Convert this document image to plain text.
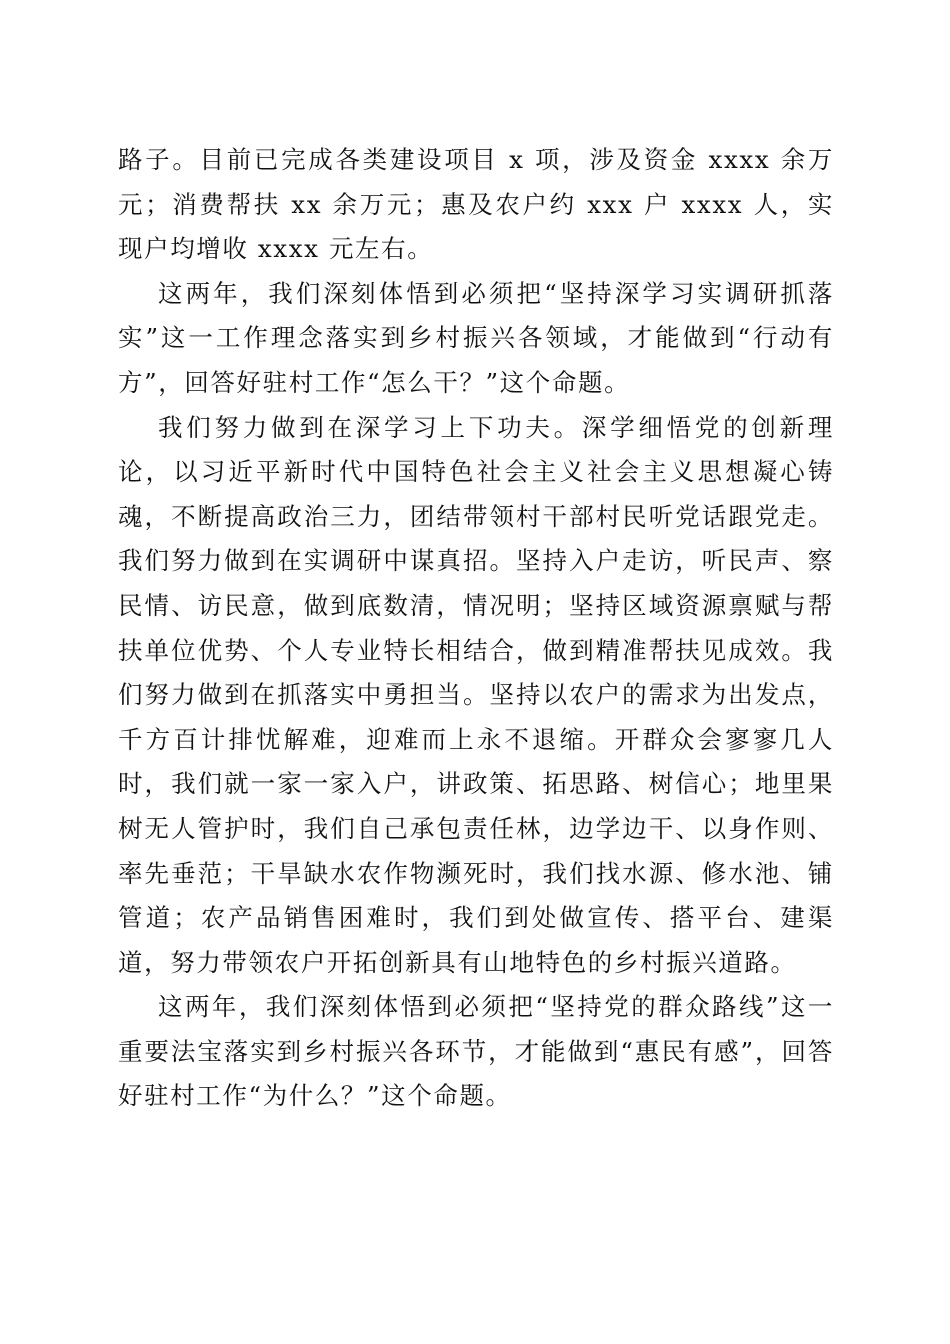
路子。目前已完成各类建设项目 x 项，涉及资金 xxxx 余万元；消费帮扶 xx 余万元；惠及农户约 xxx 户 xxxx 人，实现户均增收 xxxx 元左右。

这两年，我们深刻体悟到必须把“坚持深学习实调研抓落实”这一工作理念落实到乡村振兴各领域，才能做到“行动有方”，回答好驻村工作“怎么干？”这个命题。

我们努力做到在深学习上下功夫。深学细悟党的创新理论，以习近平新时代中国特色社会主义社会主义思想凝心铸魂，不断提高政治三力，团结带领村干部村民听党话跟党走。我们努力做到在实调研中谋真招。坚持入户走访，听民声、察民情、访民意，做到底数清，情况明；坚持区域资源禀赋与帮扶单位优势、个人专业特长相结合，做到精准帮扶见成效。我们努力做到在抓落实中勇担当。坚持以农户的需求为出发点，千方百计排忧解难，迎难而上永不退缩。开群众会寥寥几人时，我们就一家一家入户，讲政策、拓思路、树信心；地里果树无人管护时，我们自己承包责任林，边学边干、以身作则、率先垂范；干旱缺水农作物濒死时，我们找水源、修水池、铺管道；农产品销售困难时，我们到处做宣传、搭平台、建渠道，努力带领农户开拓创新具有山地特色的乡村振兴道路。

这两年，我们深刻体悟到必须把“坚持党的群众路线”这一重要法宝落实到乡村振兴各环节，才能做到“惠民有感”，回答好驻村工作“为什么？”这个命题。
